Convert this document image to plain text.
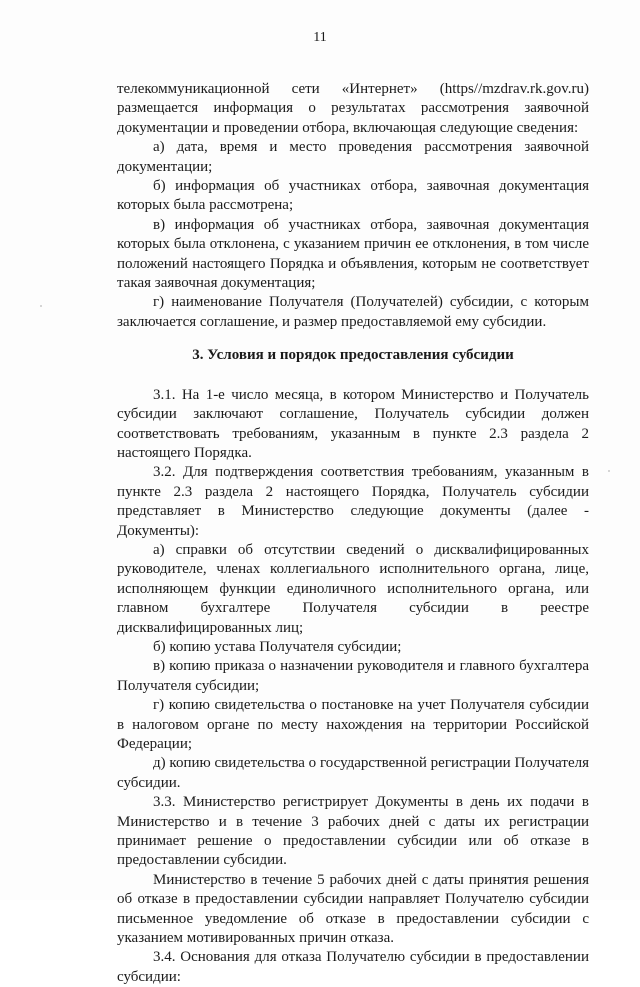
11

телекоммуникационной сети «Интернет» (https//mzdrav.rk.gov.ru) размещается информация о результатах рассмотрения заявочной документации и проведении отбора, включающая следующие сведения:

а) дата, время и место проведения рассмотрения заявочной документации;

б) информация об участниках отбора, заявочная документация которых была рассмотрена;

в) информация об участниках отбора, заявочная документация которых была отклонена, с указанием причин ее отклонения, в том числе положений настоящего Порядка и объявления, которым не соответствует такая заявочная документация;

г) наименование Получателя (Получателей) субсидии, с которым заключается соглашение, и размер предоставляемой ему субсидии.

3. Условия и порядок предоставления субсидии

3.1. На 1-е число месяца, в котором Министерство и Получатель субсидии заключают соглашение, Получатель субсидии должен соответствовать требованиям, указанным в пункте 2.3 раздела 2 настоящего Порядка.

3.2. Для подтверждения соответствия требованиям, указанным в пункте 2.3 раздела 2 настоящего Порядка, Получатель субсидии представляет в Министерство следующие документы (далее - Документы):

а) справки об отсутствии сведений о дисквалифицированных руководителе, членах коллегиального исполнительного органа, лице, исполняющем функции единоличного исполнительного органа, или главном бухгалтере Получателя субсидии в реестре дисквалифицированных лиц;

б) копию устава Получателя субсидии;

в) копию приказа о назначении руководителя и главного бухгалтера Получателя субсидии;

г) копию свидетельства о постановке на учет Получателя субсидии в налоговом органе по месту нахождения на территории Российской Федерации;

д) копию свидетельства о государственной регистрации Получателя субсидии.

3.3. Министерство регистрирует Документы в день их подачи в Министерство и в течение 3 рабочих дней с даты их регистрации принимает решение о предоставлении субсидии или об отказе в предоставлении субсидии.

Министерство в течение 5 рабочих дней с даты принятия решения об отказе в предоставлении субсидии направляет Получателю субсидии письменное уведомление об отказе в предоставлении субсидии с указанием мотивированных причин отказа.

3.4. Основания для отказа Получателю субсидии в предоставлении субсидии:
